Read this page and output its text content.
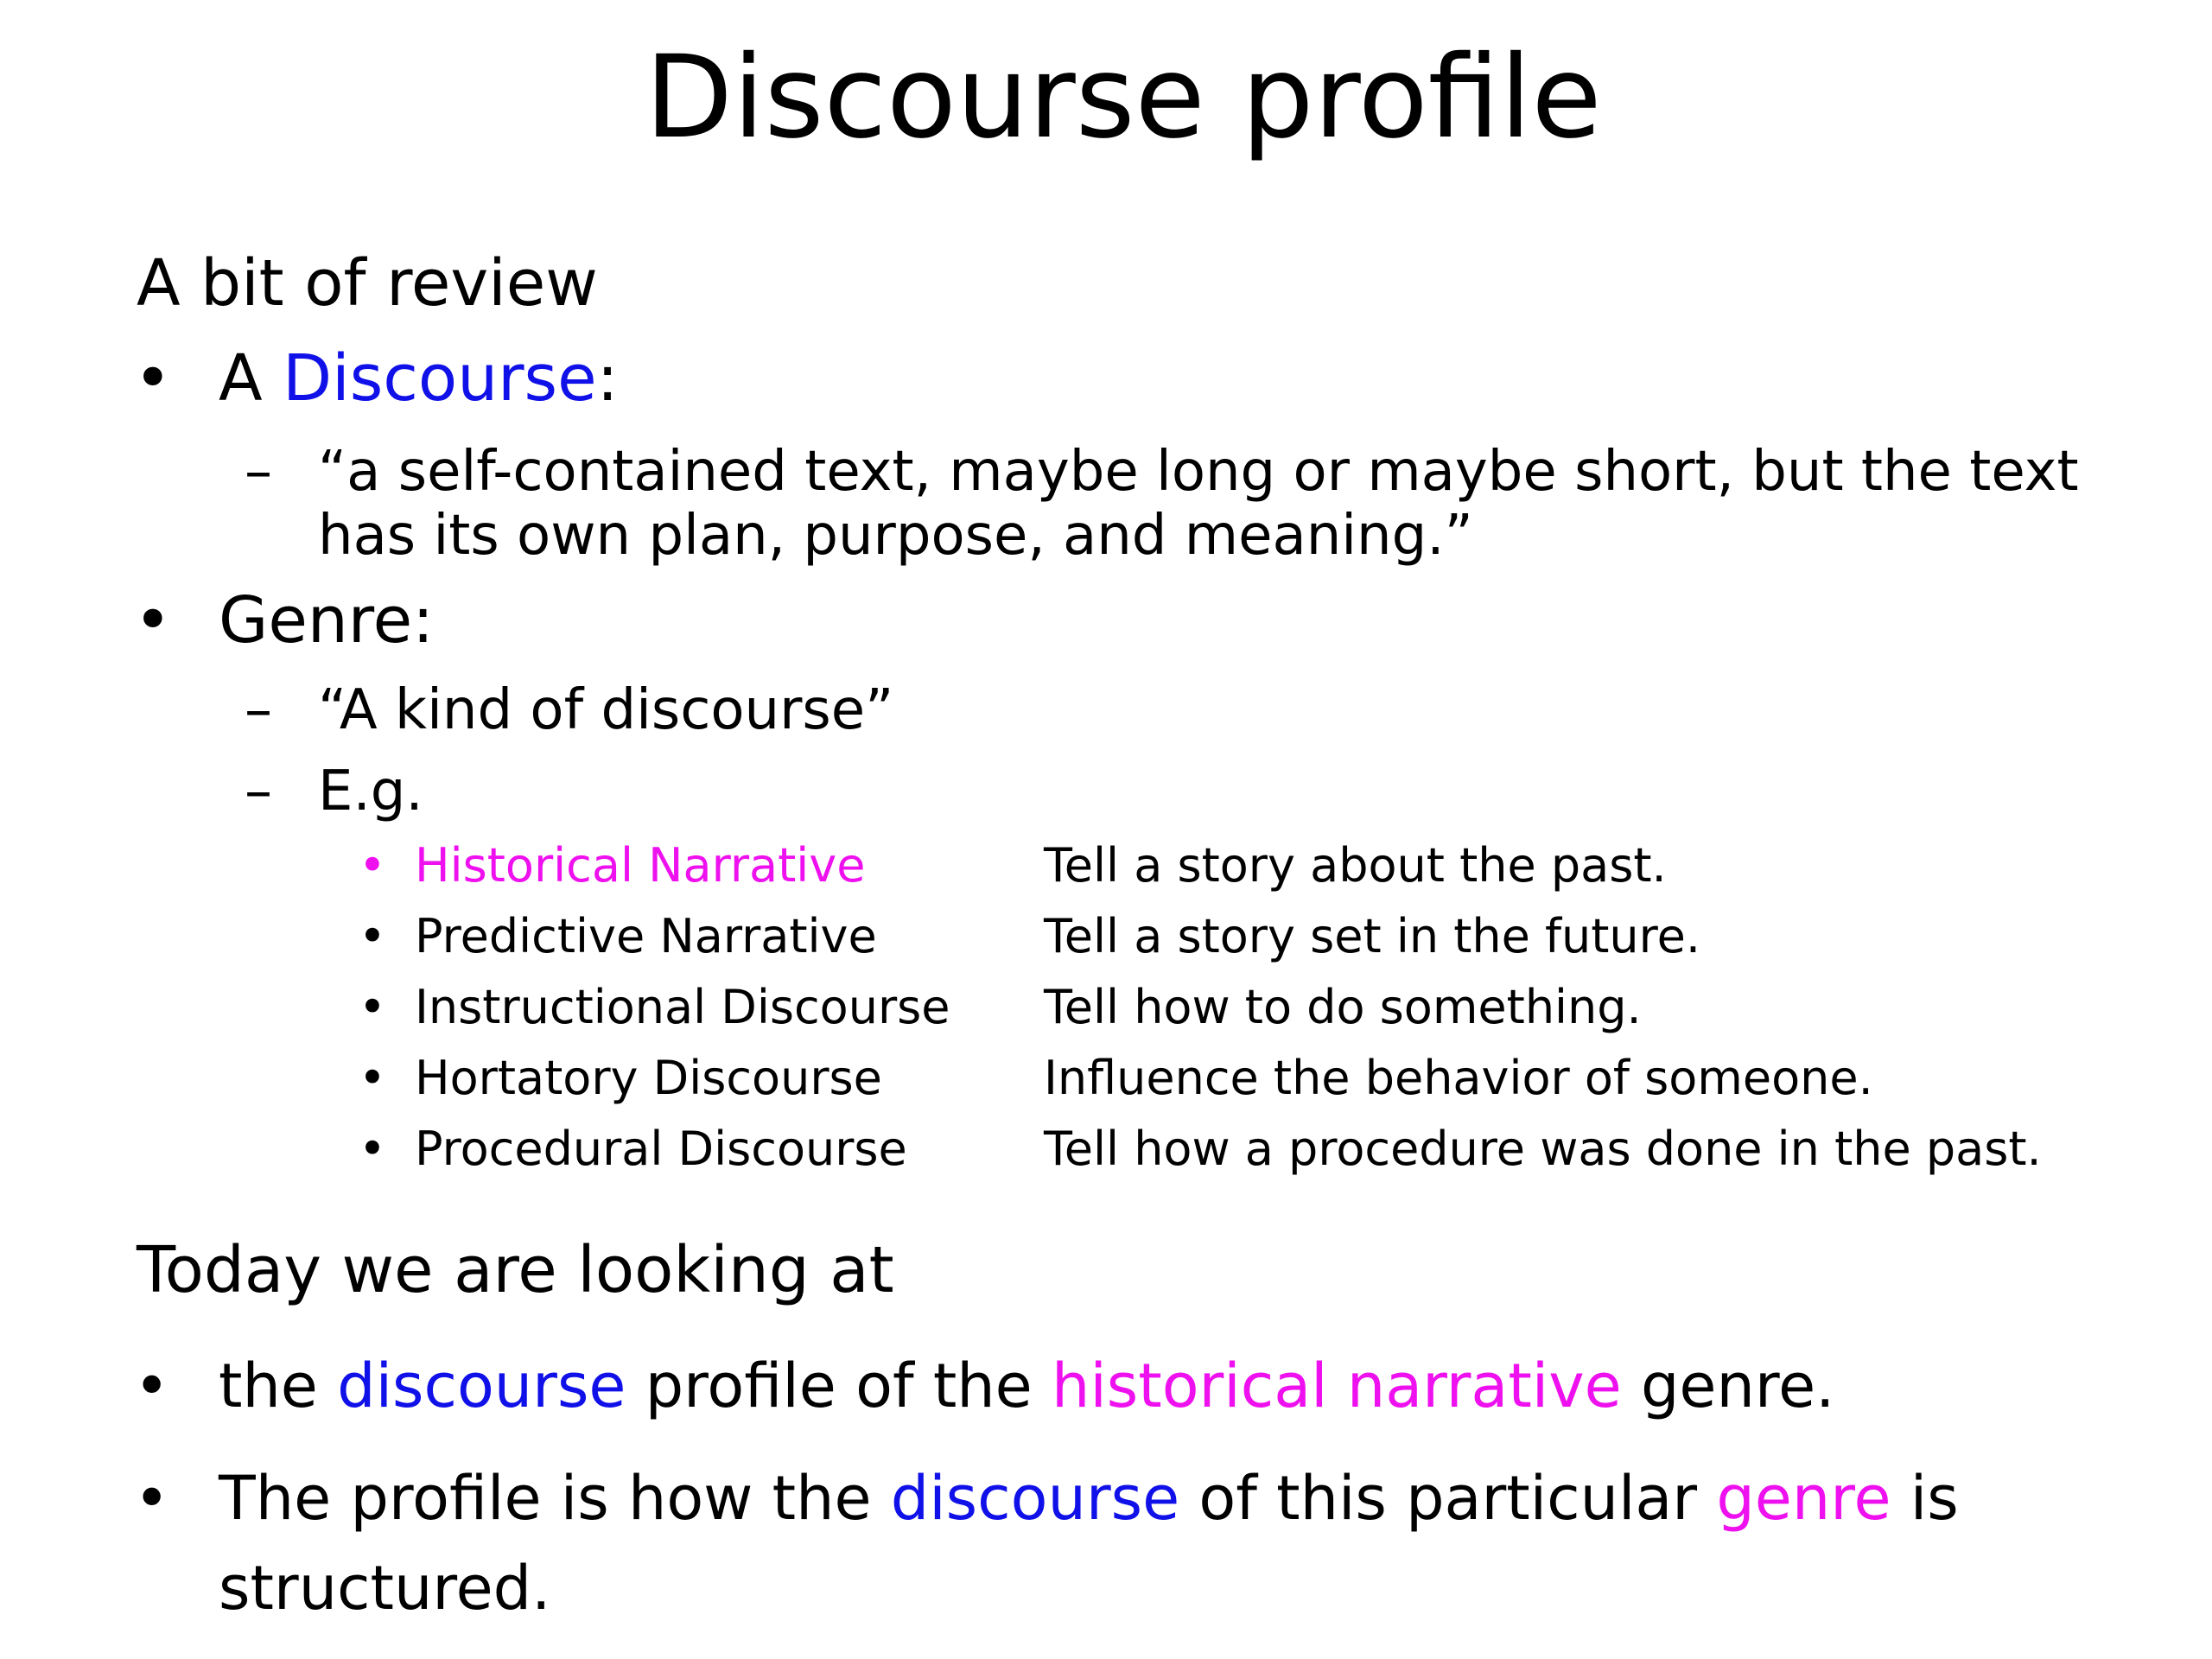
Discourse profile
A bit of review
• A Discourse:
– “a self-contained text, maybe long or maybe short, but the text
has its own plan, purpose, and meaning.”
• Genre:
– “A kind of discourse”
– E.g.
• Historical Narrative	Tell a story about the past.
• Predictive Narrative	Tell a story set in the future.
• Instructional Discourse Tell how to do something.
• Hortatory Discourse	Influence the behavior of someone.
• Procedural Discourse	Tell how a procedure was done in the past.
Today we are looking at
• the discourse profile of the historical narrative genre.
• The profile is how the discourse of this particular genre is
structured.
